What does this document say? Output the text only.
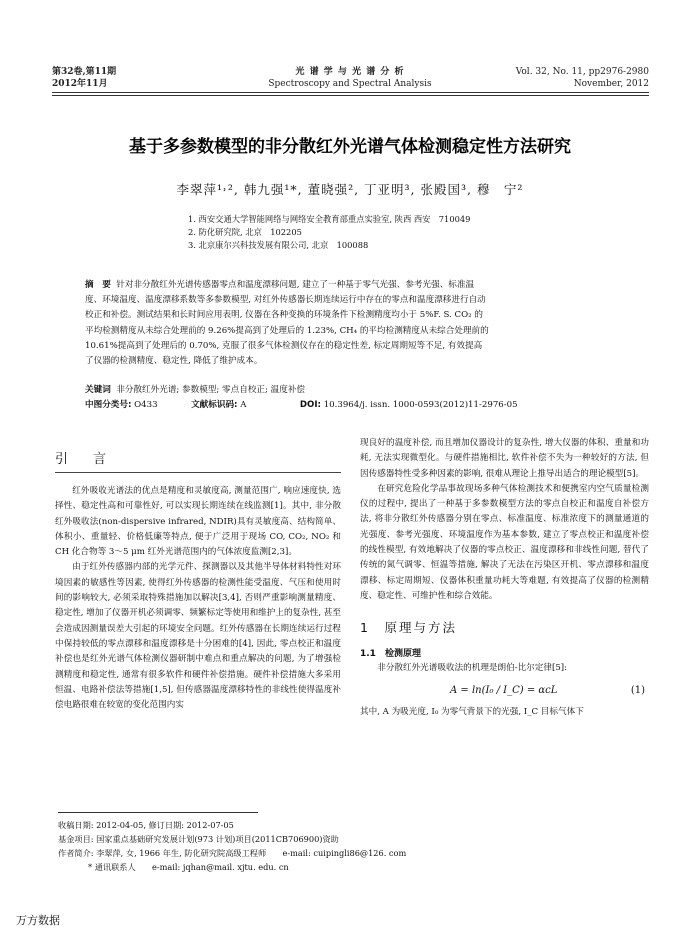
第32卷,第11期
2012年11月
光 谱 学 与 光 谱 分 析
Spectroscopy and Spectral Analysis
Vol. 32, No. 11, pp2976-2980
November, 2012
基于多参数模型的非分散红外光谱气体检测稳定性方法研究
李翠萍¹˒², 韩九强¹*, 董晓强², 丁亚明³, 张殿国³, 穆　宁²
1. 西安交通大学智能网络与网络安全教育部重点实验室, 陕西 西安　710049
2. 防化研究院, 北京　102205
3. 北京康尔兴科技发展有限公司, 北京　100088
摘　要 针对非分散红外光谱传感器零点和温度漂移问题, 建立了一种基于零气光强、参考光强、标准温
度、环境温度、温度漂移系数等多参数模型, 对红外传感器长期连续运行中存在的零点和温度漂移进行自动
校正和补偿。测试结果和长时间应用表明, 仪器在各种变换的环境条件下检测精度均小于 5%F. S. CO₂ 的
平均检测精度从未综合处理前的 9.26%提高到了处理后的 1.23%, CH₄ 的平均检测精度从未综合处理前的
10.61%提高到了处理后的 0.70%, 克服了很多气体检测仪存在的稳定性差, 标定周期短等不足, 有效提高
了仪器的检测精度、稳定性, 降低了维护成本。
关键词 非分散红外光谱; 参数模型; 零点自校正; 温度补偿
中图分类号: O433	文献标识码: A	DOI: 10.3964/j. issn. 1000-0593(2012)11-2976-05
引　言

红外吸收光谱法的优点是精度和灵敏度高, 测量范围广, 响应速度快, 选择性、稳定性高和可靠性好, 可以实现长期连续在线监测[1]。其中, 非分散红外吸收法(non-dispersive infrared, NDIR)具有灵敏度高、结构简单、体积小、重量轻、价格低廉等特点, 便于广泛用于现场 CO, CO₂, NO₂ 和 CH 化合物等 3～5 μm 红外光谱范围内的气体浓度监测[2,3]。

由于红外传感器内部的光学元件、探测器以及其他半导体材料特性对环境因素的敏感性等因素, 使得红外传感器的检测性能受温度、气压和使用时间的影响较大, 必须采取特殊措施加以解决[3,4], 否则严重影响测量精度、稳定性, 增加了仪器开机必须调零、频繁标定等使用和维护上的复杂性, 甚至会造成因测量误差大引起的环境安全问题。红外传感器在长期连续运行过程中保持较低的零点漂移和温度漂移是十分困难的[4], 因此, 零点校正和温度补偿也是红外光谱气体检测仪器研制中难点和重点解决的问题, 为了增强检测精度和稳定性, 通常有很多软件和硬件补偿措施。硬件补偿措施大多采用恒温、电路补偿法等措施[1,5], 但传感器温度漂移特性的非线性使得温度补偿电路很难在较宽的变化范围内实

现良好的温度补偿, 而且增加仪器设计的复杂性, 增大仪器的体积、重量和功耗, 无法实现微型化。与硬件措施相比, 软件补偿不失为一种较好的方法, 但因传感器特性受多种因素的影响, 很难从理论上推导出适合的理论模型[5]。

在研究危险化学品事故现场多种气体检测技术和便携室内空气质量检测仪的过程中, 提出了一种基于多参数模型方法的零点自校正和温度自补偿方法, 将非分散红外传感器分别在零点、标准温度、标准浓度下的测量通道的光强度、参考光强度、环境温度作为基本参数, 建立了零点校正和温度补偿的线性模型, 有效地解决了仪器的零点校正、温度漂移和非线性问题, 替代了传统的氮气调零、恒温等措施, 解决了无法在污染区开机、零点漂移和温度漂移、标定周期短、仪器体积重量功耗大等难题, 有效提高了仪器的检测精度、稳定性、可维护性和综合效能。

1　原理与方法
1.1　检测原理

非分散红外光谱吸收法的机理是朗伯-比尔定律[5]:

A = ln(I₀ / I_C) = αcL	(1)

其中, A 为吸光度, I₀ 为零气背景下的光强, I_C 目标气体下

收稿日期: 2012-04-05, 修订日期: 2012-07-05
基金项目: 国家重点基础研究发展计划(973 计划)项目(2011CB706900)资助
作者简介: 李翠萍, 女, 1966 年生, 防化研究院高级工程师　　e-mail: cuipingli86@126. com
* 通讯联系人　　e-mail: jqhan@mail. xjtu. edu. cn
万方数据
